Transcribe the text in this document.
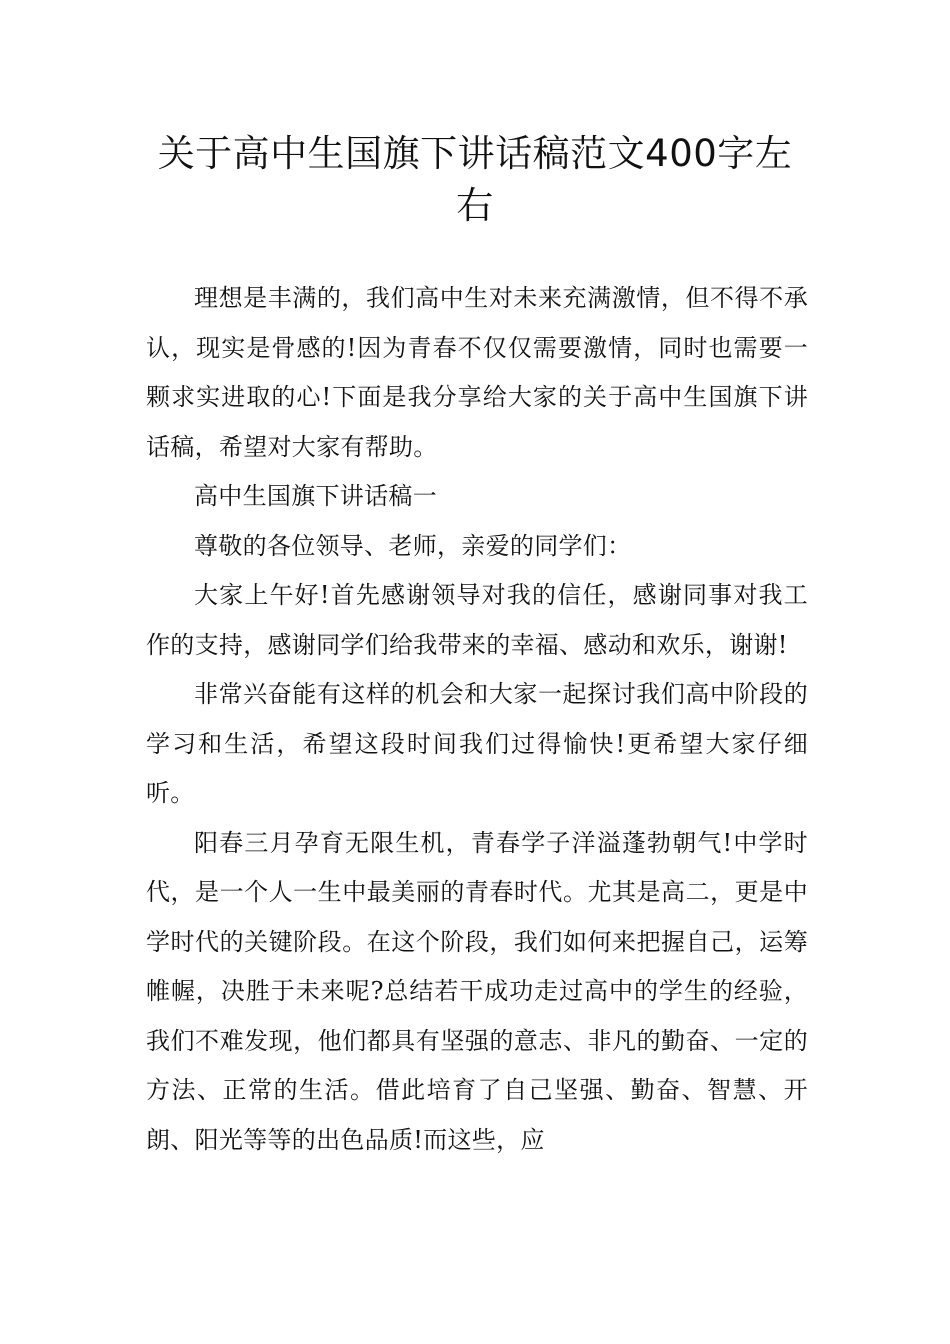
关于高中生国旗下讲话稿范文400字左右

理想是丰满的，我们高中生对未来充满激情，但不得不承认，现实是骨感的!因为青春不仅仅需要激情，同时也需要一颗求实进取的心!下面是我分享给大家的关于高中生国旗下讲话稿，希望对大家有帮助。

高中生国旗下讲话稿一

尊敬的各位领导、老师，亲爱的同学们：

大家上午好!首先感谢领导对我的信任，感谢同事对我工作的支持，感谢同学们给我带来的幸福、感动和欢乐，谢谢!

非常兴奋能有这样的机会和大家一起探讨我们高中阶段的学习和生活，希望这段时间我们过得愉快!更希望大家仔细听。

阳春三月孕育无限生机，青春学子洋溢蓬勃朝气!中学时代，是一个人一生中最美丽的青春时代。尤其是高二，更是中学时代的关键阶段。在这个阶段，我们如何来把握自己，运筹帷幄，决胜于未来呢?总结若干成功走过高中的学生的经验，我们不难发现，他们都具有坚强的意志、非凡的勤奋、一定的方法、正常的生活。借此培育了自己坚强、勤奋、智慧、开朗、阳光等等的出色品质!而这些，应
